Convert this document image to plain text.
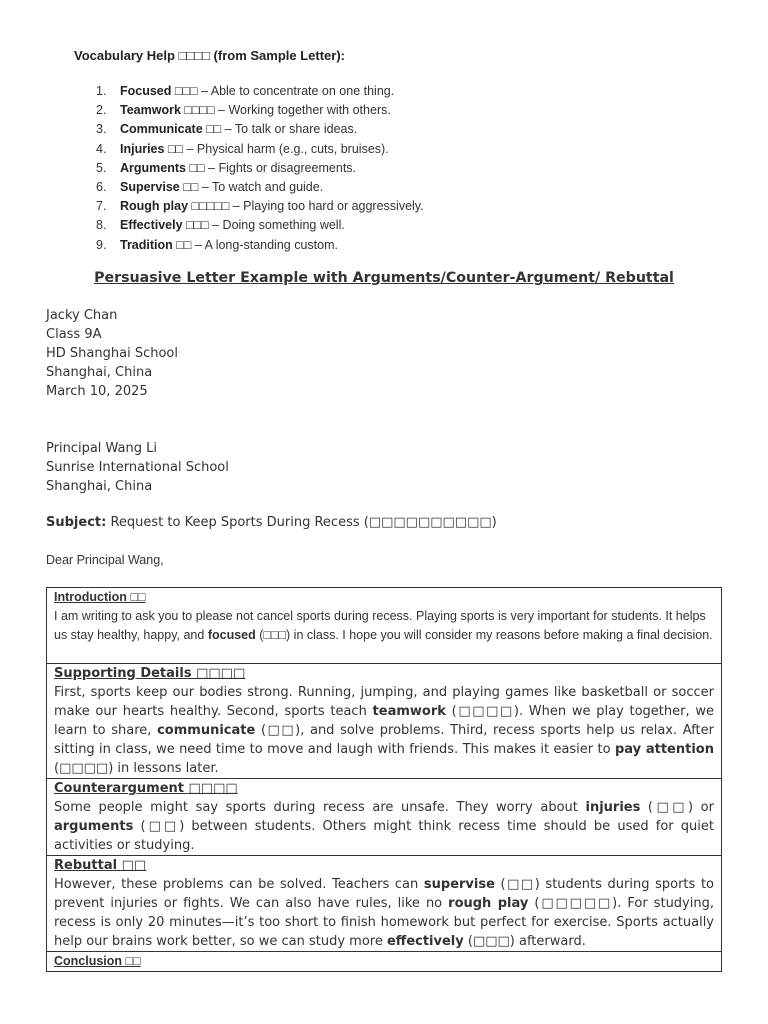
Vocabulary Help □□□□ (from Sample Letter):
1. Focused □□□ – Able to concentrate on one thing.
2. Teamwork □□□□ – Working together with others.
3. Communicate □□ – To talk or share ideas.
4. Injuries □□ – Physical harm (e.g., cuts, bruises).
5. Arguments □□ – Fights or disagreements.
6. Supervise □□ – To watch and guide.
7. Rough play □□□□□ – Playing too hard or aggressively.
8. Effectively □□□ – Doing something well.
9. Tradition □□ – A long-standing custom.
Persuasive Letter Example with Arguments/Counter-Argument/ Rebuttal
Jacky Chan
Class 9A
HD Shanghai School
Shanghai, China
March 10, 2025
Principal Wang Li
Sunrise International School
Shanghai, China
Subject: Request to Keep Sports During Recess (□□□□□□□□□□)
Dear Principal Wang,
Introduction □□
I am writing to ask you to please not cancel sports during recess. Playing sports is very important for students. It helps us stay healthy, happy, and focused (□□□) in class. I hope you will consider my reasons before making a final decision.

Supporting Details □□□□
First, sports keep our bodies strong. Running, jumping, and playing games like basketball or soccer make our hearts healthy. Second, sports teach teamwork (□□□□). When we play together, we learn to share, communicate (□□), and solve problems. Third, recess sports help us relax. After sitting in class, we need time to move and laugh with friends. This makes it easier to pay attention (□□□□) in lessons later.

Counterargument □□□□
Some people might say sports during recess are unsafe. They worry about injuries (□□) or arguments (□□) between students. Others might think recess time should be used for quiet activities or studying.

Rebuttal □□
However, these problems can be solved. Teachers can supervise (□□) students during sports to prevent injuries or fights. We can also have rules, like no rough play (□□□□□). For studying, recess is only 20 minutes—it’s too short to finish homework but perfect for exercise. Sports actually help our brains work better, so we can study more effectively (□□□) afterward.

Conclusion □□
